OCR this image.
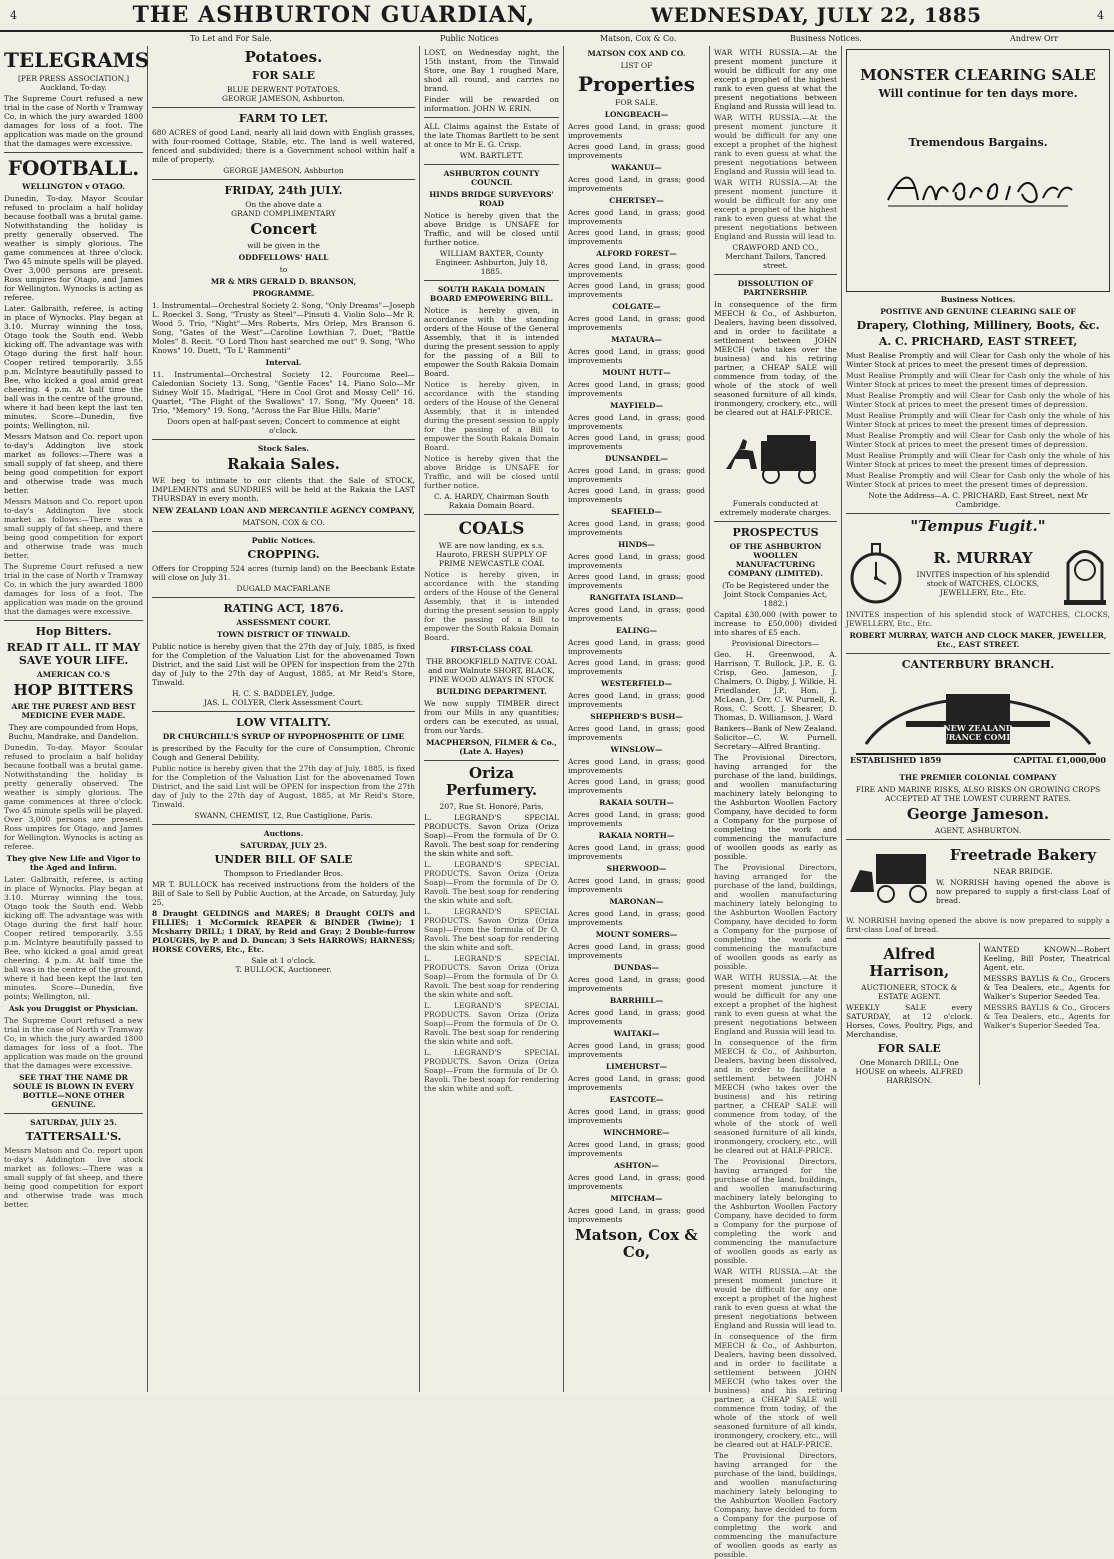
4	THE ASHBURTON GUARDIAN,	WEDNESDAY, JULY 22, 1885	4
To Let and For Sale.	Public Notices	Matson, Cox & Co.	Business Notices.	Andrew Orr
TELEGRAMS
[PER PRESS ASSOCIATION.]
Auckland, To-day.
The Supreme Court refused a new trial in the case of North v Tramway Co, in which the jury awarded 1800 damages for loss of a foot. The application was made on the ground that the damages were excessive.
FOOTBALL.
WELLINGTON v OTAGO.
Dunedin, To-day. Mayor Scoular refused to proclaim a half holiday because football was a brutal game. Notwithstanding the holiday is pretty generally observed. The weather is simply glorious. The game commences at three o'clock. Two 45 minute spells will be played. Over 3,000 persons are present. Ross umpires for Otago, and James for Wellington. Wynocks is acting as referee.
Later. Galbraith, referee, is acting in place of Wynocks. Play began at 3.10. Murray winning the toss, Otago took the South end. Webb kicking off. The advantage was with Otago during the first half hour. Cooper retired temporarily. 3.55 p.m. McIntyre beautifully passed to Bee, who kicked a goal amid great cheering. 4 p.m. At half time the ball was in the centre of the ground, where it had been kept the last ten minutes. Score—Dunedin, five points; Wellington, nil.
Messrs Matson and Co. report upon to-day's Addington live stock market as follows:—There was a small supply of fat sheep, and there being good competition for export and otherwise trade was much better.
Messrs Matson and Co. report upon to-day's Addington live stock market as follows:—There was a small supply of fat sheep, and there being good competition for export and otherwise trade was much better.
The Supreme Court refused a new trial in the case of North v Tramway Co, in which the jury awarded 1800 damages for loss of a foot. The application was made on the ground that the damages were excessive.
Hop Bitters.
READ IT ALL. IT MAY SAVE YOUR LIFE.
AMERICAN CO.'S
HOP BITTERS
ARE THE PUREST AND BEST MEDICINE EVER MADE.
They are compounded from Hops, Buchu, Mandrake, and Dandelion.
Dunedin, To-day. Mayor Scoular refused to proclaim a half holiday because football was a brutal game. Notwithstanding the holiday is pretty generally observed. The weather is simply glorious. The game commences at three o'clock. Two 45 minute spells will be played. Over 3,000 persons are present. Ross umpires for Otago, and James for Wellington. Wynocks is acting as referee.
They give New Life and Vigor to the Aged and Infirm.
Later. Galbraith, referee, is acting in place of Wynocks. Play began at 3.10. Murray winning the toss, Otago took the South end. Webb kicking off. The advantage was with Otago during the first half hour. Cooper retired temporarily. 3.55 p.m. McIntyre beautifully passed to Bee, who kicked a goal amid great cheering. 4 p.m. At half time the ball was in the centre of the ground, where it had been kept the last ten minutes. Score—Dunedin, five points; Wellington, nil.
Ask you Druggist or Physician.
The Supreme Court refused a new trial in the case of North v Tramway Co, in which the jury awarded 1800 damages for loss of a foot. The application was made on the ground that the damages were excessive.
SEE THAT THE NAME DR SOULE IS BLOWN IN EVERY BOTTLE—NONE OTHER GENUINE.
SATURDAY, JULY 25.
TATTERSALL'S.
Messrs Matson and Co. report upon to-day's Addington live stock market as follows:—There was a small supply of fat sheep, and there being good competition for export and otherwise trade was much better.
Potatoes.
FOR SALE
BLUE DERWENT POTATOES.
GEORGE JAMESON, Ashburton.
FARM TO LET.
680 ACRES of good Land, nearly all laid down with English grasses, with four-roomed Cottage, Stable, etc. The land is well watered, fenced and subdivided; there is a Government school within half a mile of property.
GEORGE JAMESON, Ashburton
FRIDAY, 24th JULY.
On the above date a
GRAND COMPLIMENTARY
Concert
will be given in the
ODDFELLOWS' HALL
to
MR & MRS GERALD D. BRANSON,
PROGRAMME.
1. Instrumental—Orchestral Society 2. Song, "Only Dreams"—Joseph L. Roeckel 3. Song, "Trusty as Steel"—Pinsuti 4. Violin Solo—Mr R. Wood 5. Trio, "Night"—Mrs Roberts, Mrs Orlep, Mrs Branson 6. Song, "Gates of the West"—Caroline Lowthian 7. Duet, "Battle Moles" 8. Recit. "O Lord Thou hast searched me out" 9. Song, "Who Knows" 10. Duett, "To L' Rammenti"
Interval.
11. Instrumental—Orchestral Society 12. Fourcome Reel—Caledonian Society 13. Song, "Gentle Faces" 14. Piano Solo—Mr Sidney Wolf 15. Madrigal, "Here in Cool Grot and Mossy Cell" 16. Quartet, "The Flight of the Swallows" 17. Song, "My Queen" 18. Trio, "Memory" 19. Song, "Across the Far Blue Hills, Marie"
Doors open at half-past seven; Concert to commence at eight o'clock.
Stock Sales.
Rakaia Sales.
WE beg to intimate to our clients that the Sale of STOCK, IMPLEMENTS and SUNDRIES will be held at the Rakaia the LAST THURSDAY in every month.
NEW ZEALAND LOAN AND MERCANTILE AGENCY COMPANY,
MATSON, COX & CO.
Public Notices.
CROPPING.
Offers for Cropping 524 acres (turnip land) on the Beecbank Estate will close on July 31.
DUGALD MACFARLANE
RATING ACT, 1876.
ASSESSMENT COURT.
TOWN DISTRICT OF TINWALD.
Public notice is hereby given that the 27th day of July, 1885, is fixed for the Completion of the Valuation List for the abovenamed Town District, and the said List will be OPEN for inspection from the 27th day of July to the 27th day of August, 1885, at Mr Reid's Store, Tinwald.
H. C. S. BADDELEY, Judge.
JAS. L. COLYER, Clerk Assessment Court.
LOW VITALITY.
DR CHURCHILL'S SYRUP OF HYPOPHOSPHITE OF LIME
is prescribed by the Faculty for the cure of Consumption, Chronic Cough and General Debility.
Public notice is hereby given that the 27th day of July, 1885, is fixed for the Completion of the Valuation List for the abovenamed Town District, and the said List will be OPEN for inspection from the 27th day of July to the 27th day of August, 1885, at Mr Reid's Store, Tinwald.
SWANN, CHEMIST, 12, Rue Castiglione, Paris.
Auctions.
SATURDAY, JULY 25.
UNDER BILL OF SALE
Thompson to Friedlander Bros.
MR T. BULLOCK has received instructions from the holders of the Bill of Sale to Sell by Public Auction, at the Arcade, on Saturday, July 25,
8 Draught GELDINGS and MARES; 8 Draught COLTS and FILLIES; 1 McCormick REAPER & BINDER (Twine); 1 Mcsharry DRILL; 1 DRAY, by Reid and Gray; 2 Double-furrow PLOUGHS, by P. and D. Duncan; 3 Sets HARROWS; HARNESS; HORSE COVERS, Etc., Etc.
Sale at 1 o'clock.
T. BULLOCK, Auctioneer.
LOST, on Wednesday night, the 15th instant, from the Tinwald Store, one Bay 1 roughed Mare, shod all round, and carries no brand.
Finder will be rewarded on information. JOHN W. ERIN.
ALL Claims against the Estate of the late Thomas Bartlett to be sent at once to Mr E. G. Crisp.
WM. BARTLETT.
ASHBURTON COUNTY COUNCIL
HINDS BRIDGE SURVEYORS' ROAD
Notice is hereby given that the above Bridge is UNSAFE for Traffic, and will be closed until further notice.
WILLIAM BAXTER, County Engineer. Ashburton, July 18, 1885.
SOUTH RAKAIA DOMAIN BOARD EMPOWERING BILL.
Notice is hereby given, in accordance with the standing orders of the House of the General Assembly, that it is intended during the present session to apply for the passing of a Bill to empower the South Rakaia Domain Board.
Notice is hereby given, in accordance with the standing orders of the House of the General Assembly, that it is intended during the present session to apply for the passing of a Bill to empower the South Rakaia Domain Board.
Notice is hereby given that the above Bridge is UNSAFE for Traffic, and will be closed until further notice.
C. A. HARDY, Chairman South Rakaia Domain Board.
COALS
WE are now landing, ex s.s. Hauroto, FRESH SUPPLY OF PRIME NEWCASTLE COAL
Notice is hereby given, in accordance with the standing orders of the House of the General Assembly, that it is intended during the present session to apply for the passing of a Bill to empower the South Rakaia Domain Board.
FIRST-CLASS COAL
THE BROOKFIELD NATIVE COAL and our Walnute SHORT, BLACK, PINE WOOD ALWAYS IN STOCK
BUILDING DEPARTMENT.
We now supply TIMBER direct from our Mills in any quantities; orders can be executed, as usual, from our Yards.
MACPHERSON, FILMER & Co., (Late A. Hayes)
Oriza Perfumery.
207, Rue St. Honoré, Paris,
L. LEGRAND'S SPECIAL PRODUCTS. Savon Oriza (Oriza Soap)—From the formula of Dr O. Ravoli. The best soap for rendering the skin white and soft.
L. LEGRAND'S SPECIAL PRODUCTS. Savon Oriza (Oriza Soap)—From the formula of Dr O. Ravoli. The best soap for rendering the skin white and soft.
L. LEGRAND'S SPECIAL PRODUCTS. Savon Oriza (Oriza Soap)—From the formula of Dr O. Ravoli. The best soap for rendering the skin white and soft.
L. LEGRAND'S SPECIAL PRODUCTS. Savon Oriza (Oriza Soap)—From the formula of Dr O. Ravoli. The best soap for rendering the skin white and soft.
L. LEGRAND'S SPECIAL PRODUCTS. Savon Oriza (Oriza Soap)—From the formula of Dr O. Ravoli. The best soap for rendering the skin white and soft.
L. LEGRAND'S SPECIAL PRODUCTS. Savon Oriza (Oriza Soap)—From the formula of Dr O. Ravoli. The best soap for rendering the skin white and soft.
MATSON COX AND CO.
LIST OF
Properties
FOR SALE.
LONGBEACH—
Acres good Land, in grass; good improvements
Acres good Land, in grass; good improvements
WAKANUI—
Acres good Land, in grass; good improvements
CHERTSEY—
Acres good Land, in grass; good improvements
Acres good Land, in grass; good improvements
ALFORD FOREST—
Acres good Land, in grass; good improvements
Acres good Land, in grass; good improvements
COLGATE—
Acres good Land, in grass; good improvements
MATAURA—
Acres good Land, in grass; good improvements
MOUNT HUTT—
Acres good Land, in grass; good improvements
MAYFIELD—
Acres good Land, in grass; good improvements
Acres good Land, in grass; good improvements
DUNSANDEL—
Acres good Land, in grass; good improvements
Acres good Land, in grass; good improvements
SEAFIELD—
Acres good Land, in grass; good improvements
HINDS—
Acres good Land, in grass; good improvements
Acres good Land, in grass; good improvements
RANGITATA ISLAND—
Acres good Land, in grass; good improvements
EALING—
Acres good Land, in grass; good improvements
Acres good Land, in grass; good improvements
WESTERFIELD—
Acres good Land, in grass; good improvements
SHEPHERD'S BUSH—
Acres good Land, in grass; good improvements
WINSLOW—
Acres good Land, in grass; good improvements
Acres good Land, in grass; good improvements
RAKAIA SOUTH—
Acres good Land, in grass; good improvements
RAKAIA NORTH—
Acres good Land, in grass; good improvements
SHERWOOD—
Acres good Land, in grass; good improvements
MARONAN—
Acres good Land, in grass; good improvements
MOUNT SOMERS—
Acres good Land, in grass; good improvements
DUNDAS—
Acres good Land, in grass; good improvements
BARRHILL—
Acres good Land, in grass; good improvements
WAITAKI—
Acres good Land, in grass; good improvements
LIMEHURST—
Acres good Land, in grass; good improvements
EASTCOTE—
Acres good Land, in grass; good improvements
WINCHMORE—
Acres good Land, in grass; good improvements
ASHTON—
Acres good Land, in grass; good improvements
MITCHAM—
Acres good Land, in grass; good improvements
Matson, Cox & Co,
WAR WITH RUSSIA.—At the present moment juncture it would be difficult for any one except a prophet of the highest rank to even guess at what the present negotiations between England and Russia will lead to.
WAR WITH RUSSIA.—At the present moment juncture it would be difficult for any one except a prophet of the highest rank to even guess at what the present negotiations between England and Russia will lead to.
WAR WITH RUSSIA.—At the present moment juncture it would be difficult for any one except a prophet of the highest rank to even guess at what the present negotiations between England and Russia will lead to.
CRAWFORD AND CO., Merchant Tailors, Tancred street.
DISSOLUTION OF PARTNERSHIP.
In consequence of the firm MEECH & Co., of Ashburton, Dealers, having been dissolved, and in order to facilitate a settlement between JOHN MEECH (who takes over the business) and his retiring partner, a CHEAP SALE will commence from today, of the whole of the stock of well seasoned furniture of all kinds, ironmongery, crockery, etc., will be cleared out at HALF-PRICE.
Funerals conducted at extremely moderate charges.
PROSPECTUS
OF THE ASHBURTON WOOLLEN MANUFACTURING COMPANY (LIMITED).
(To be Registered under the Joint Stock Companies Act, 1882.)
Capital £30,000 (with power to increase to £50,000) divided into shares of £5 each.
Provisional Directors—
Geo. H. Greenwood, A. Harrison, T. Bullock, J.P., E. G. Crisp, Geo. Jameson, J. Chalmers, O. Digby, J. Wilkie, H. Friedlander, J.P., Hon. J. McLean, J. Orr, C. W. Purnell, R. Ross, C. Scott, J. Shearer, D. Thomas, D. Williamson, J. Ward
Bankers—Bank of New Zealand. Solicitor—C. W. Purnell. Secretary—Alfred Branting.
The Provisional Directors, having arranged for the purchase of the land, buildings, and woollen manufacturing machinery lately belonging to the Ashburton Woollen Factory Company, have decided to form a Company for the purpose of completing the work and commencing the manufacture of woollen goods as early as possible.
The Provisional Directors, having arranged for the purchase of the land, buildings, and woollen manufacturing machinery lately belonging to the Ashburton Woollen Factory Company, have decided to form a Company for the purpose of completing the work and commencing the manufacture of woollen goods as early as possible.
WAR WITH RUSSIA.—At the present moment juncture it would be difficult for any one except a prophet of the highest rank to even guess at what the present negotiations between England and Russia will lead to.
In consequence of the firm MEECH & Co., of Ashburton, Dealers, having been dissolved, and in order to facilitate a settlement between JOHN MEECH (who takes over the business) and his retiring partner, a CHEAP SALE will commence from today, of the whole of the stock of well seasoned furniture of all kinds, ironmongery, crockery, etc., will be cleared out at HALF-PRICE.
The Provisional Directors, having arranged for the purchase of the land, buildings, and woollen manufacturing machinery lately belonging to the Ashburton Woollen Factory Company, have decided to form a Company for the purpose of completing the work and commencing the manufacture of woollen goods as early as possible.
WAR WITH RUSSIA.—At the present moment juncture it would be difficult for any one except a prophet of the highest rank to even guess at what the present negotiations between England and Russia will lead to.
In consequence of the firm MEECH & Co., of Ashburton, Dealers, having been dissolved, and in order to facilitate a settlement between JOHN MEECH (who takes over the business) and his retiring partner, a CHEAP SALE will commence from today, of the whole of the stock of well seasoned furniture of all kinds, ironmongery, crockery, etc., will be cleared out at HALF-PRICE.
The Provisional Directors, having arranged for the purchase of the land, buildings, and woollen manufacturing machinery lately belonging to the Ashburton Woollen Factory Company, have decided to form a Company for the purpose of completing the work and commencing the manufacture of woollen goods as early as possible.
MONSTER CLEARING SALE
Will continue for ten days more.
Tremendous Bargains.
Business Notices.
POSITIVE AND GENUINE CLEARING SALE OF
Drapery, Clothing, Millinery, Boots, &c.
A. C. PRICHARD, EAST STREET,
Must Realise Promptly and will Clear for Cash only the whole of his Winter Stock at prices to meet the present times of depression.
Must Realise Promptly and will Clear for Cash only the whole of his Winter Stock at prices to meet the present times of depression.
Must Realise Promptly and will Clear for Cash only the whole of his Winter Stock at prices to meet the present times of depression.
Must Realise Promptly and will Clear for Cash only the whole of his Winter Stock at prices to meet the present times of depression.
Must Realise Promptly and will Clear for Cash only the whole of his Winter Stock at prices to meet the present times of depression.
Must Realise Promptly and will Clear for Cash only the whole of his Winter Stock at prices to meet the present times of depression.
Must Realise Promptly and will Clear for Cash only the whole of his Winter Stock at prices to meet the present times of depression.
Note the Address—A. C. PRICHARD, East Street, next Mr Cambridge.
"Tempus Fugit."
R. MURRAY
INVITES inspection of his splendid stock of WATCHES, CLOCKS, JEWELLERY, Etc., Etc.
INVITES inspection of his splendid stock of WATCHES, CLOCKS, JEWELLERY, Etc., Etc.
ROBERT MURRAY, WATCH AND CLOCK MAKER, JEWELLER, Etc., EAST STREET.
CANTERBURY BRANCH.
NEW ZEALAND INSURANCE COMPANY
ESTABLISHED 1859	CAPITAL £1,000,000
THE PREMIER COLONIAL COMPANY
FIRE AND MARINE RISKS, ALSO RISKS ON GROWING CROPS ACCEPTED AT THE LOWEST CURRENT RATES.
George Jameson.
AGENT, ASHBURTON.
Freetrade Bakery
NEAR BRIDGE.
W. NORRISH having opened the above is now prepared to supply a first-class Loaf of bread.
W. NORRISH having opened the above is now prepared to supply a first-class Loaf of bread.
Alfred Harrison,
AUCTIONEER, STOCK & ESTATE AGENT.
WEEKLY SALE every SATURDAY, at 12 o'clock. Horses, Cows, Poultry, Pigs, and Merchandise.
FOR SALE
One Monarch DRILL; One HOUSE on wheels. ALFRED HARRISON.
WANTED KNOWN—Robert Keeling, Bill Poster, Theatrical Agent, etc.
MESSRS BAYLIS & Co., Grocers & Tea Dealers, etc., Agents for Walker's Superior Seeded Tea.
MESSRS BAYLIS & Co., Grocers & Tea Dealers, etc., Agents for Walker's Superior Seeded Tea.
